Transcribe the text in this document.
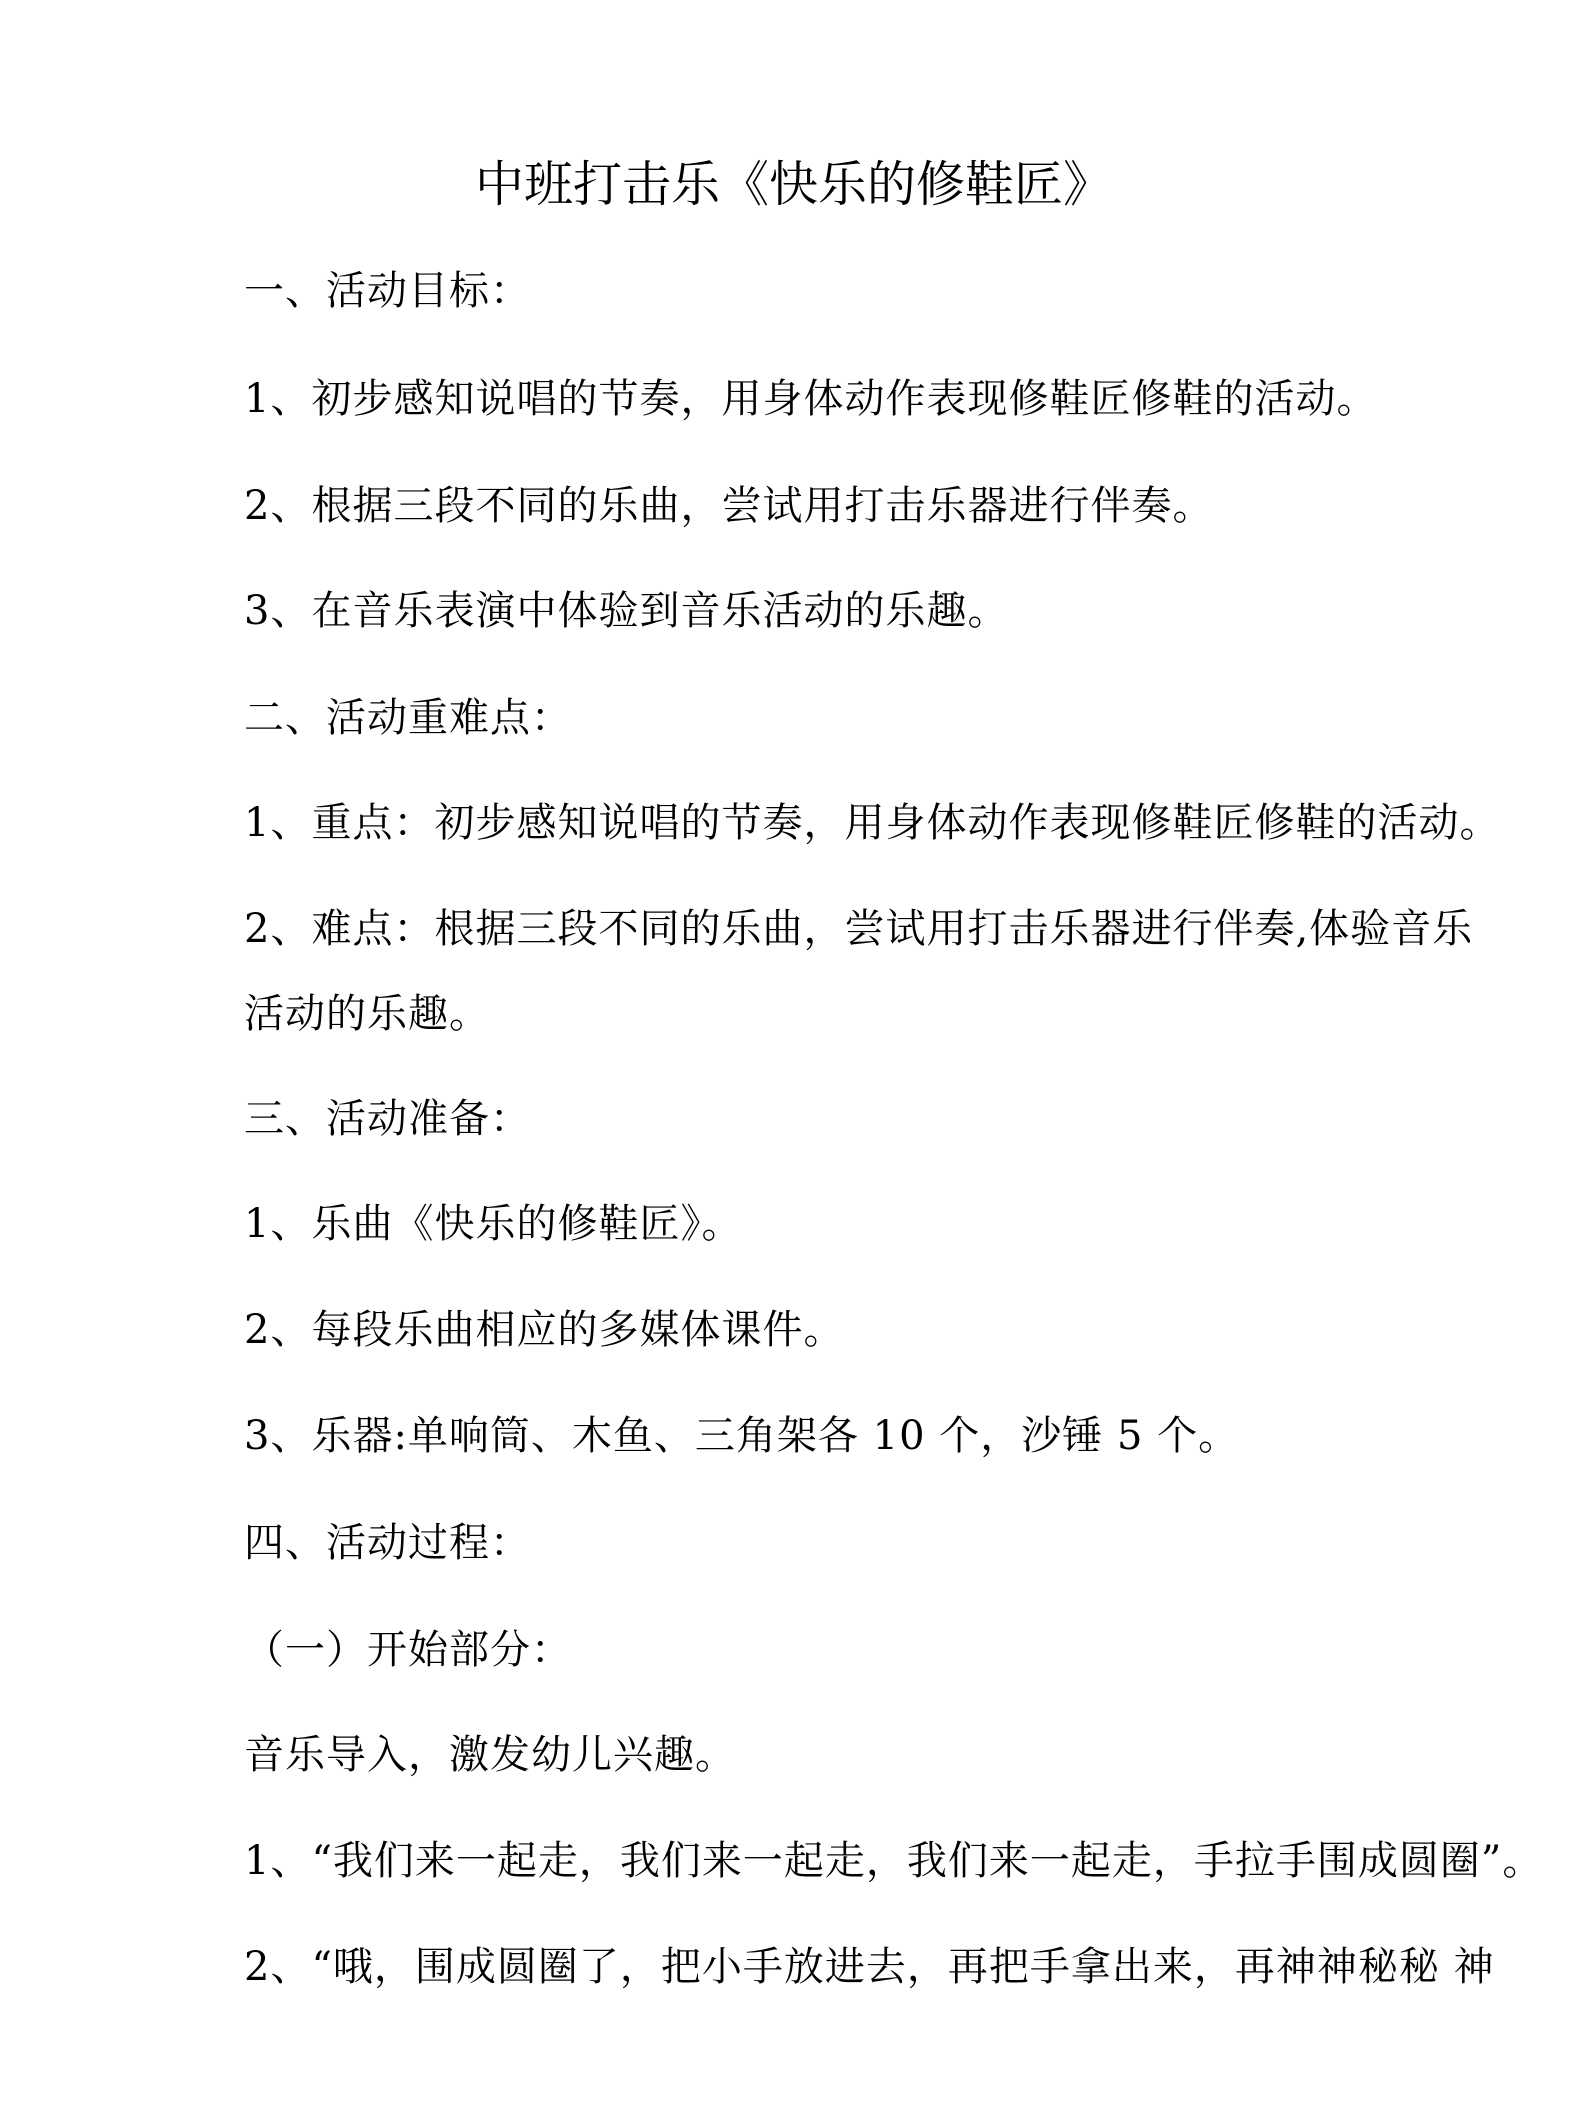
中班打击乐《快乐的修鞋匠》
一、活动目标：
1、初步感知说唱的节奏，用身体动作表现修鞋匠修鞋的活动。
2、根据三段不同的乐曲，尝试用打击乐器进行伴奏。
3、在音乐表演中体验到音乐活动的乐趣。
二、活动重难点：
1、重点：初步感知说唱的节奏，用身体动作表现修鞋匠修鞋的活动。
2、难点：根据三段不同的乐曲，尝试用打击乐器进行伴奏,体验音乐
活动的乐趣。
三、活动准备：
1、乐曲《快乐的修鞋匠》。
2、每段乐曲相应的多媒体课件。
3、乐器:单响筒、木鱼、三角架各 10 个，沙锤 5 个。
四、活动过程：
（一）开始部分：
音乐导入，激发幼儿兴趣。
1、“我们来一起走，我们来一起走，我们来一起走，手拉手围成圆圈”。
2、“哦，围成圆圈了，把小手放进去，再把手拿出来，再神神秘秘 神
